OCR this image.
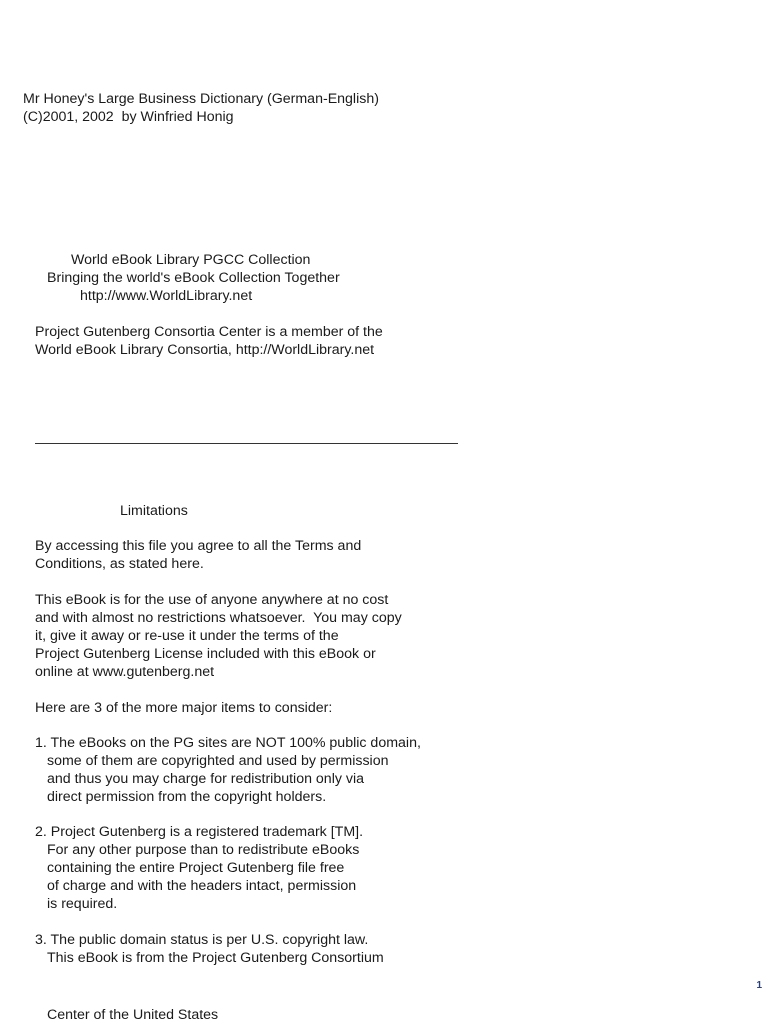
Mr Honey's Large Business Dictionary (German-English)

(C)2001, 2002  by Winfried Honig

World eBook Library PGCC Collection

Bringing the world's eBook Collection Together

http://www.WorldLibrary.net

Project Gutenberg Consortia Center is a member of the

World eBook Library Consortia, http://WorldLibrary.net

Limitations

By accessing this file you agree to all the Terms and

Conditions, as stated here.

This eBook is for the use of anyone anywhere at no cost

and with almost no restrictions whatsoever.  You may copy

it, give it away or re-use it under the terms of the

Project Gutenberg License included with this eBook or

online at www.gutenberg.net

Here are 3 of the more major items to consider:

1. The eBooks on the PG sites are NOT 100% public domain,

some of them are copyrighted and used by permission

and thus you may charge for redistribution only via

direct permission from the copyright holders.

2. Project Gutenberg is a registered trademark [TM].

For any other purpose than to redistribute eBooks

containing the entire Project Gutenberg file free

of charge and with the headers intact, permission

is required.

3. The public domain status is per U.S. copyright law.

This eBook is from the Project Gutenberg Consortium

Center of the United States

1
